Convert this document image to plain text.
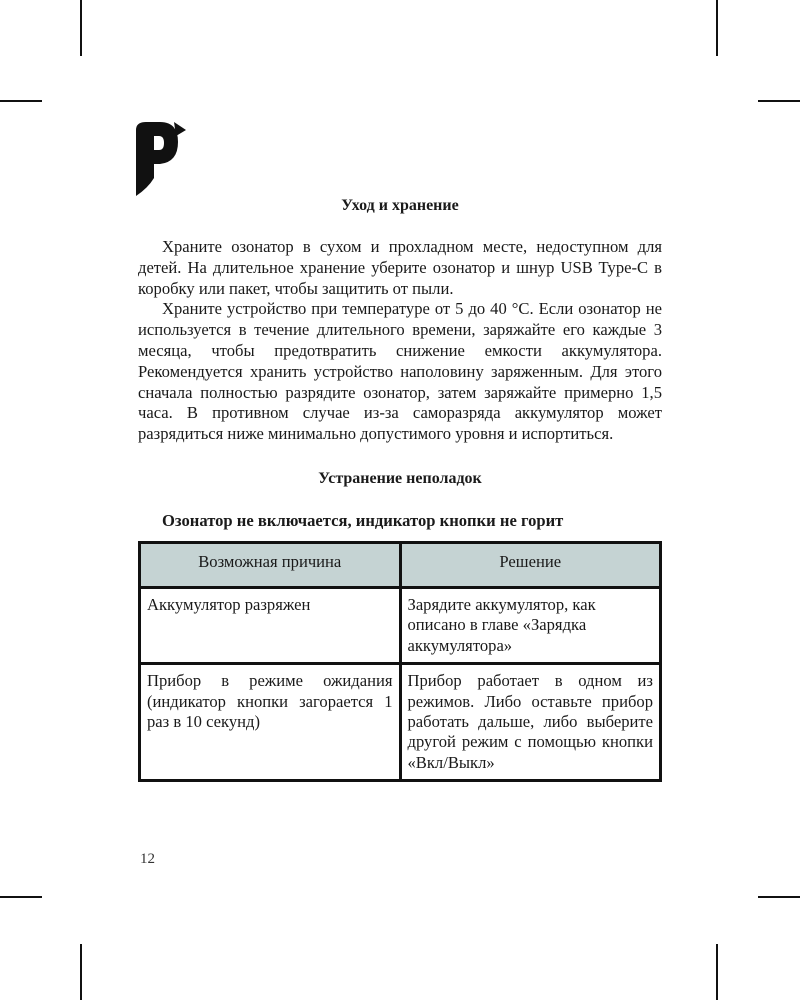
Уход и хранение

Храните озонатор в сухом и прохладном месте, недоступном для детей. На длительное хранение уберите озонатор и шнур USB Type-C в коробку или пакет, чтобы защитить от пыли.

Храните устройство при температуре от 5 до 40 °C. Если озонатор не используется в течение длительного времени, заряжайте его каждые 3 месяца, чтобы предотвратить снижение емкости аккумулятора. Рекомендуется хранить устройство наполовину заряженным. Для этого сначала полностью разрядите озонатор, затем заряжайте примерно 1,5 часа. В противном случае из-за саморазряда аккумулятор может разрядиться ниже минимально допустимого уровня и испортиться.

Устранение неполадок
Озонатор не включается, индикатор кнопки не горит
Возможная причина	Решение
Аккумулятор разряжен	Зарядите аккумулятор, как описано в главе «Зарядка аккумулятора»
Прибор в режиме ожидания (индикатор кнопки загорается 1 раз в 10 секунд)	Прибор работает в одном из режимов. Либо оставьте прибор работать дальше, либо выберите другой режим с помощью кнопки «Вкл/Выкл»
12
